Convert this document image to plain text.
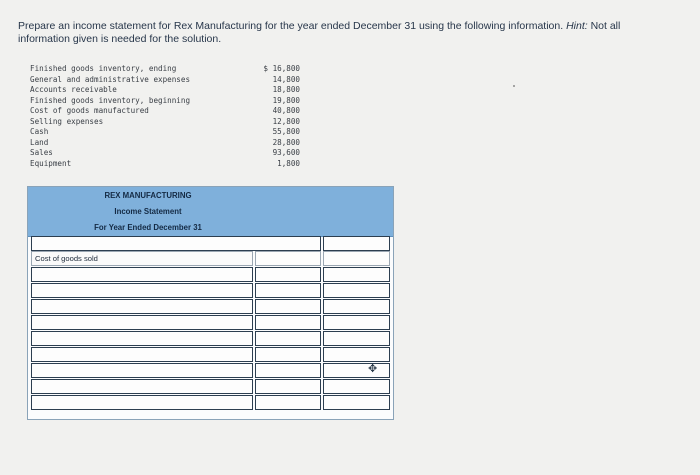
Prepare an income statement for Rex Manufacturing for the year ended December 31 using the following information. Hint: Not all information given is needed for the solution.
Finished goods inventory, ending	$ 16,800
General and administrative expenses	14,800
Accounts receivable	18,800
Finished goods inventory, beginning	19,800
Cost of goods manufactured	40,800
Selling expenses	12,800
Cash	55,800
Land	28,800
Sales	93,600
Equipment	1,800
REX MANUFACTURING
Income Statement
For Year Ended December 31
Cost of goods sold
✥
